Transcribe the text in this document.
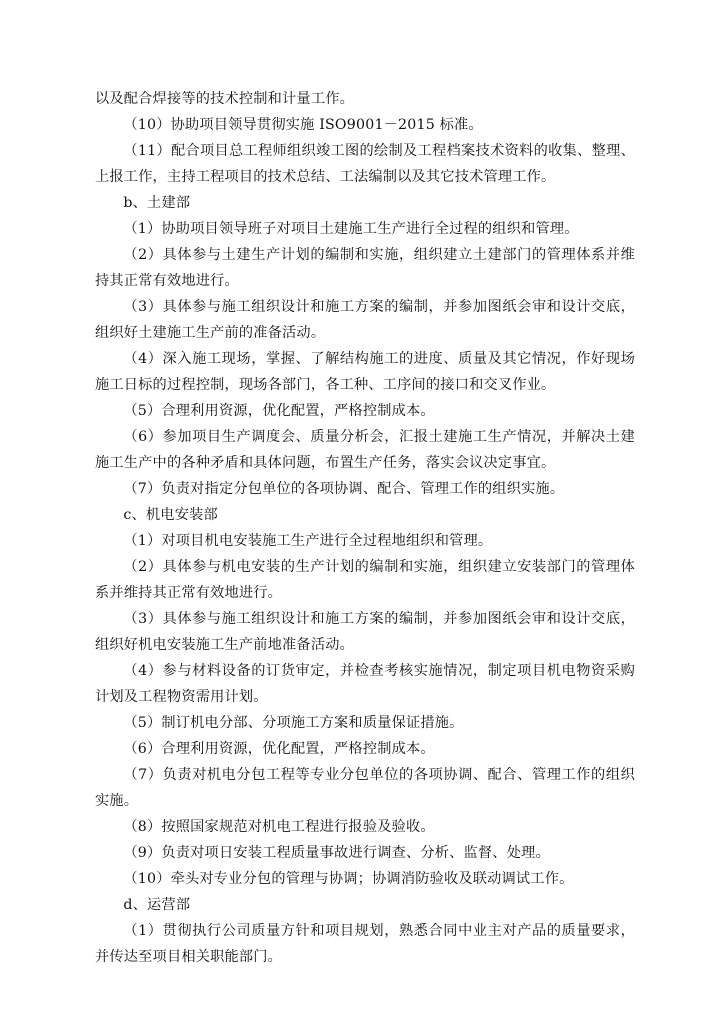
以及配合焊接等的技术控制和计量工作。

（10）协助项目领导贯彻实施 ISO9001－2015 标准。

（11）配合项目总工程师组织竣工图的绘制及工程档案技术资料的收集、整理、上报工作，主持工程项目的技术总结、工法编制以及其它技术管理工作。

b、土建部

（1）协助项目领导班子对项目土建施工生产进行全过程的组织和管理。

（2）具体参与土建生产计划的编制和实施，组织建立土建部门的管理体系并维持其正常有效地进行。

（3）具体参与施工组织设计和施工方案的编制，并参加图纸会审和设计交底，组织好土建施工生产前的准备活动。

（4）深入施工现场，掌握、了解结构施工的进度、质量及其它情况，作好现场施工日标的过程控制，现场各部门，各工种、工序间的接口和交叉作业。

（5）合理利用资源，优化配置，严格控制成本。

（6）参加项目生产调度会、质量分析会，汇报土建施工生产情况，并解决土建施工生产中的各种矛盾和具体问题，布置生产任务，落实会议决定事宜。

（7）负责对指定分包单位的各项协调、配合、管理工作的组织实施。

c、机电安装部

（1）对项目机电安装施工生产进行全过程地组织和管理。

（2）具体参与机电安装的生产计划的编制和实施，组织建立安装部门的管理体系并维持其正常有效地进行。

（3）具体参与施工组织设计和施工方案的编制，并参加图纸会审和设计交底，组织好机电安装施工生产前地准备活动。

（4）参与材料设备的订货审定，并检查考核实施情况，制定项目机电物资采购计划及工程物资需用计划。

（5）制订机电分部、分项施工方案和质量保证措施。

（6）合理利用资源，优化配置，严格控制成本。

（7）负责对机电分包工程等专业分包单位的各项协调、配合、管理工作的组织实施。

（8）按照国家规范对机电工程进行报验及验收。

（9）负责对项日安装工程质量事故进行调查、分析、监督、处理。

（10）牵头对专业分包的管理与协调；协调消防验收及联动调试工作。

d、运营部

（1）贯彻执行公司质量方针和项目规划，熟悉合同中业主对产品的质量要求，并传达至项目相关职能部门。
